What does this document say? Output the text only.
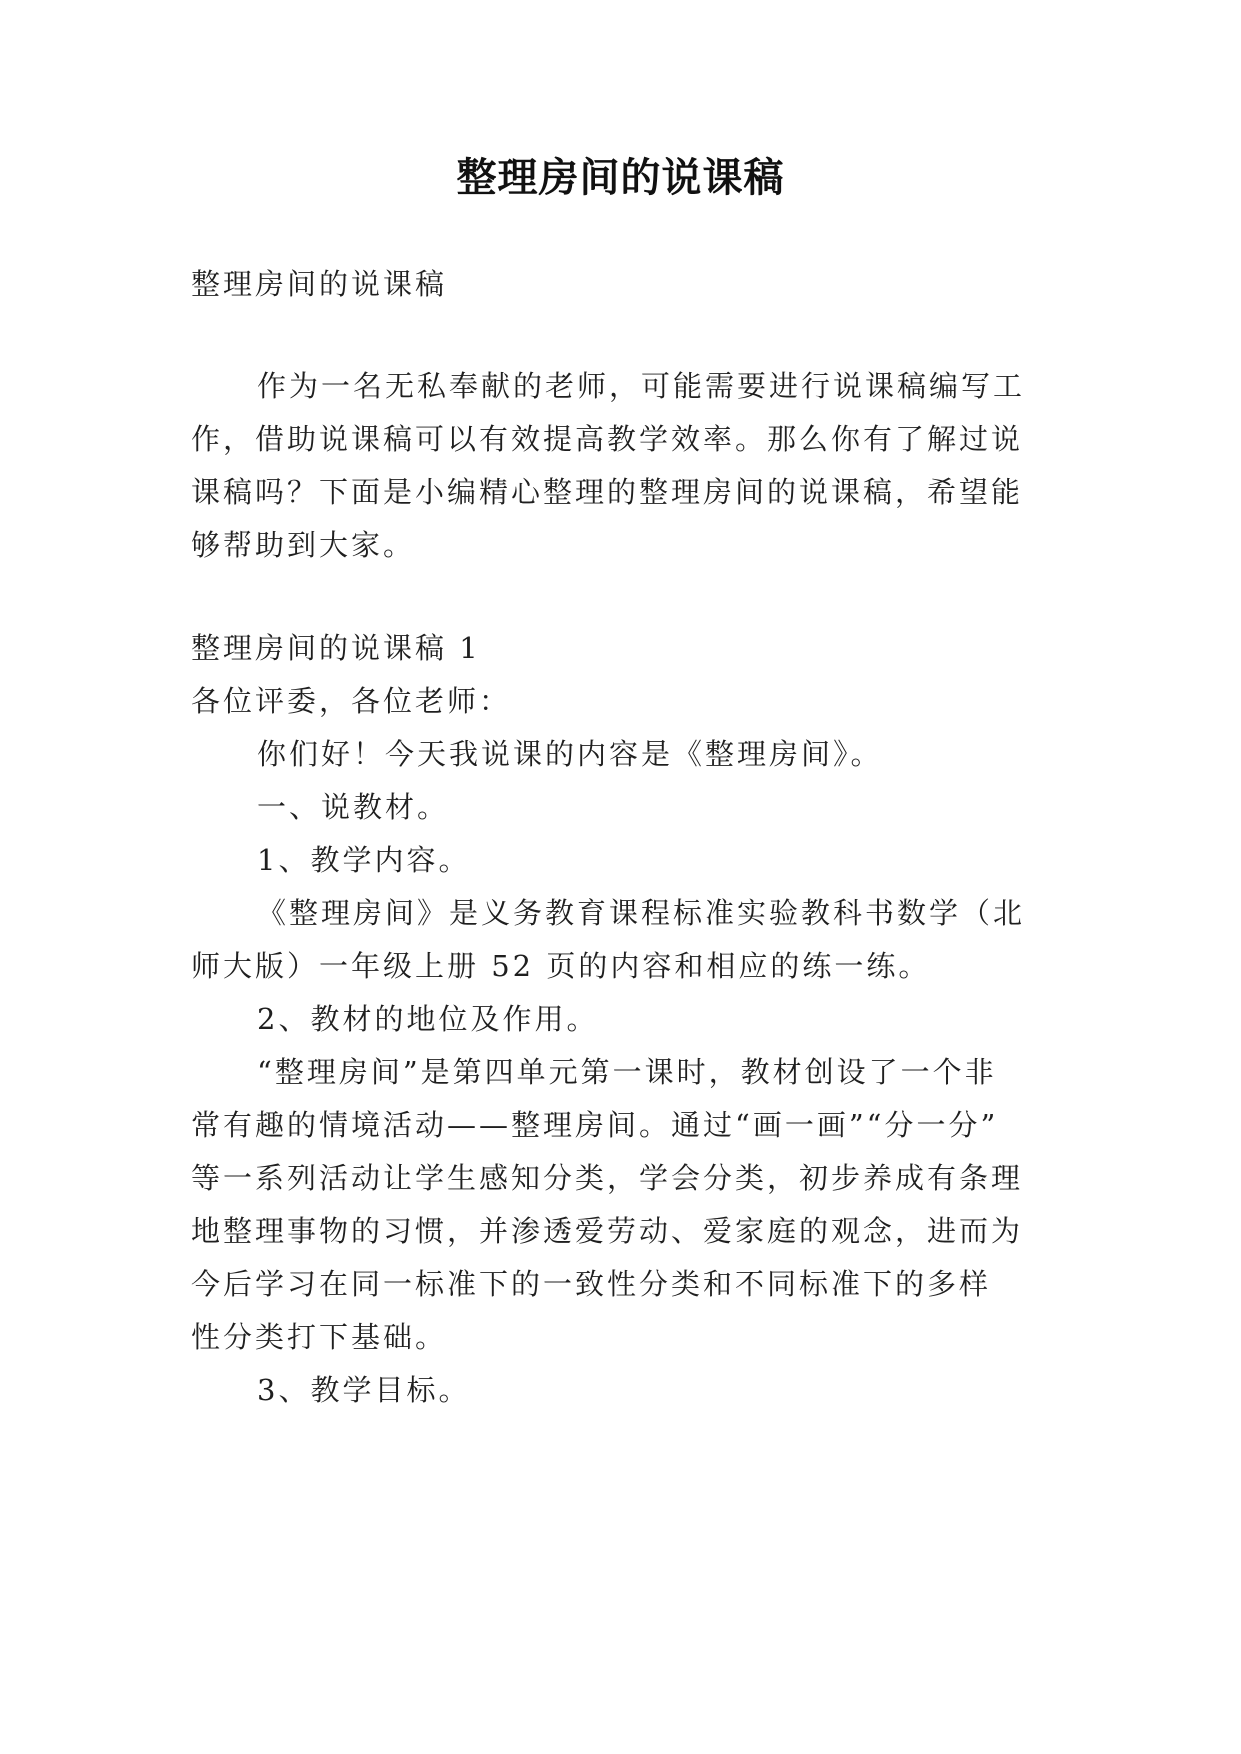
整理房间的说课稿
整理房间的说课稿
作为一名无私奉献的老师，可能需要进行说课稿编写工
作，借助说课稿可以有效提高教学效率。那么你有了解过说
课稿吗？下面是小编精心整理的整理房间的说课稿，希望能
够帮助到大家。
整理房间的说课稿 1
各位评委，各位老师：
你们好！今天我说课的内容是《整理房间》。
一、说教材。
1、教学内容。
《整理房间》是义务教育课程标准实验教科书数学（北
师大版）一年级上册 52 页的内容和相应的练一练。
2、教材的地位及作用。
“整理房间”是第四单元第一课时，教材创设了一个非
常有趣的情境活动——整理房间。通过“画一画”“分一分”
等一系列活动让学生感知分类，学会分类，初步养成有条理
地整理事物的习惯，并渗透爱劳动、爱家庭的观念，进而为
今后学习在同一标准下的一致性分类和不同标准下的多样
性分类打下基础。
3、教学目标。
